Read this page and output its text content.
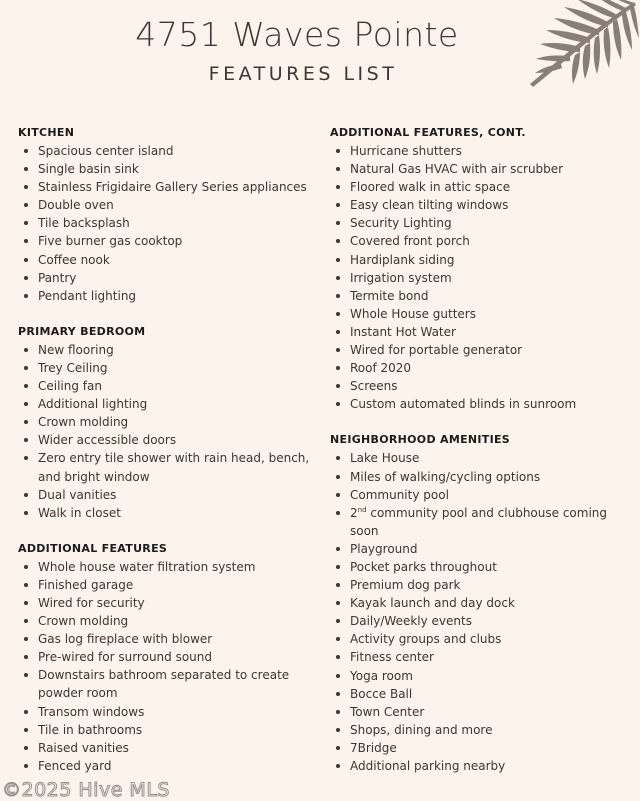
4751 Waves Pointe
FEATURES LIST
KITCHEN
Spacious center island
Single basin sink
Stainless Frigidaire Gallery Series appliances
Double oven
Tile backsplash
Five burner gas cooktop
Coffee nook
Pantry
Pendant lighting
PRIMARY BEDROOM
New flooring
Trey Ceiling
Ceiling fan
Additional lighting
Crown molding
Wider accessible doors
Zero entry tile shower with rain head, bench, and bright window
Dual vanities
Walk in closet
ADDITIONAL FEATURES
Whole house water filtration system
Finished garage
Wired for security
Crown molding
Gas log fireplace with blower
Pre-wired for surround sound
Downstairs bathroom separated to create powder room
Transom windows
Tile in bathrooms
Raised vanities
Fenced yard
ADDITIONAL FEATURES, CONT.
Hurricane shutters
Natural Gas HVAC with air scrubber
Floored walk in attic space
Easy clean tilting windows
Security Lighting
Covered front porch
Hardiplank siding
Irrigation system
Termite bond
Whole House gutters
Instant Hot Water
Wired for portable generator
Roof 2020
Screens
Custom automated blinds in sunroom
NEIGHBORHOOD AMENITIES
Lake House
Miles of walking/cycling options
Community pool
2nd community pool and clubhouse coming soon
Playground
Pocket parks throughout
Premium dog park
Kayak launch and day dock
Daily/Weekly events
Activity groups and clubs
Fitness center
Yoga room
Bocce Ball
Town Center
Shops, dining and more
7Bridge
Additional parking nearby
©2025 Hive MLS
